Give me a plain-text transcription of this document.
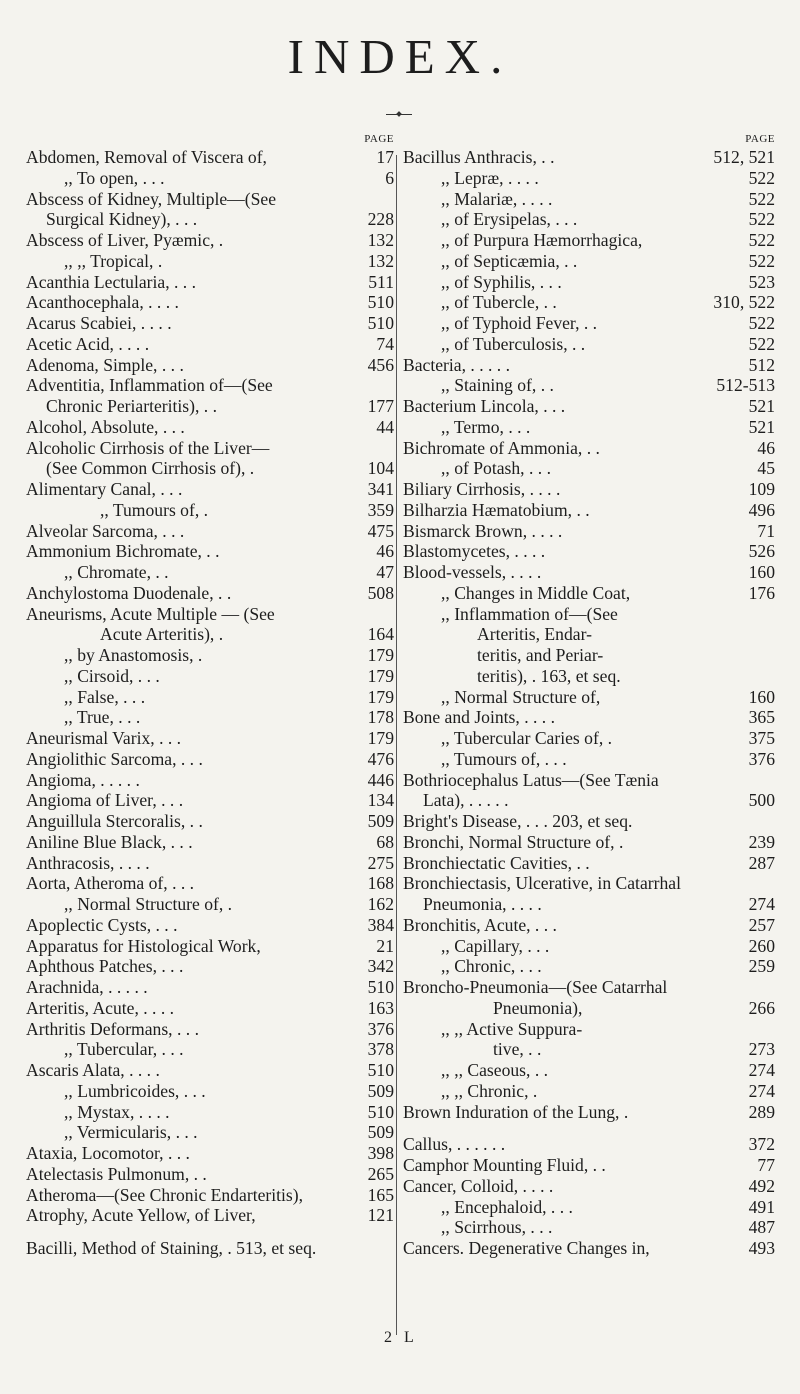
INDEX.
PAGE
Abdomen, Removal of Viscera of,	17
,, To open, . . .	6
Abscess of Kidney, Multiple—(See
Surgical Kidney), . . .	228
Abscess of Liver, Pyæmic, .	132
,, ,, Tropical, .	132
Acanthia Lectularia, . . .	511
Acanthocephala, . . . .	510
Acarus Scabiei, . . . .	510
Acetic Acid, . . . .	74
Adenoma, Simple, . . .	456
Adventitia, Inflammation of—(See
Chronic Periarteritis), . .	177
Alcohol, Absolute, . . .	44
Alcoholic Cirrhosis of the Liver—
(See Common Cirrhosis of), .	104
Alimentary Canal, . . .	341
,, Tumours of, .	359
Alveolar Sarcoma, . . .	475
Ammonium Bichromate, . .	46
,, Chromate, . .	47
Anchylostoma Duodenale, . .	508
Aneurisms, Acute Multiple — (See
Acute Arteritis), .	164
,, by Anastomosis, .	179
,, Cirsoid, . . .	179
,, False, . . .	179
,, True, . . .	178
Aneurismal Varix, . . .	179
Angiolithic Sarcoma, . . .	476
Angioma, . . . . .	446
Angioma of Liver, . . .	134
Anguillula Stercoralis, . .	509
Aniline Blue Black, . . .	68
Anthracosis, . . . .	275
Aorta, Atheroma of, . . .	168
,, Normal Structure of, .	162
Apoplectic Cysts, . . .	384
Apparatus for Histological Work,	21
Aphthous Patches, . . .	342
Arachnida, . . . . .	510
Arteritis, Acute, . . . .	163
Arthritis Deformans, . . .	376
,, Tubercular, . . .	378
Ascaris Alata, . . . .	510
,, Lumbricoides, . . .	509
,, Mystax, . . . .	510
,, Vermicularis, . . .	509
Ataxia, Locomotor, . . .	398
Atelectasis Pulmonum, . .	265
Atheroma—(See Chronic Endarteritis),	165
Atrophy, Acute Yellow, of Liver,	121
Bacilli, Method of Staining, . 513, et seq.
PAGE
Bacillus Anthracis, . .	512, 521
,, Lepræ, . . . .	522
,, Malariæ, . . . .	522
,, of Erysipelas, . . .	522
,, of Purpura Hæmorrhagica,	522
,, of Septicæmia, . .	522
,, of Syphilis, . . .	523
,, of Tubercle, . .	310, 522
,, of Typhoid Fever, . .	522
,, of Tuberculosis, . .	522
Bacteria, . . . . .	512
,, Staining of, . .	512-513
Bacterium Lincola, . . .	521
,, Termo, . . .	521
Bichromate of Ammonia, . .	46
,, of Potash, . . .	45
Biliary Cirrhosis, . . . .	109
Bilharzia Hæmatobium, . .	496
Bismarck Brown, . . . .	71
Blastomycetes, . . . .	526
Blood-vessels, . . . .	160
,, Changes in Middle Coat,	176
,, Inflammation of—(See
Arteritis, Endar-
teritis, and Periar-
teritis), . 163, et seq.
,, Normal Structure of,	160
Bone and Joints, . . . .	365
,, Tubercular Caries of, .	375
,, Tumours of, . . .	376
Bothriocephalus Latus—(See Tænia
Lata), . . . . .	500
Bright's Disease, . . . 203, et seq.
Bronchi, Normal Structure of, .	239
Bronchiectatic Cavities, . .	287
Bronchiectasis, Ulcerative, in Catarrhal
Pneumonia, . . . .	274
Bronchitis, Acute, . . .	257
,, Capillary, . . .	260
,, Chronic, . . .	259
Broncho-Pneumonia—(See Catarrhal
Pneumonia),	266
,, ,, Active Suppura-
tive, . .	273
,, ,, Caseous, . .	274
,, ,, Chronic, .	274
Brown Induration of the Lung, .	289
Callus, . . . . . .	372
Camphor Mounting Fluid, . .	77
Cancer, Colloid, . . . .	492
,, Encephaloid, . . .	491
,, Scirrhous, . . .	487
Cancers. Degenerative Changes in,	493
2 L
